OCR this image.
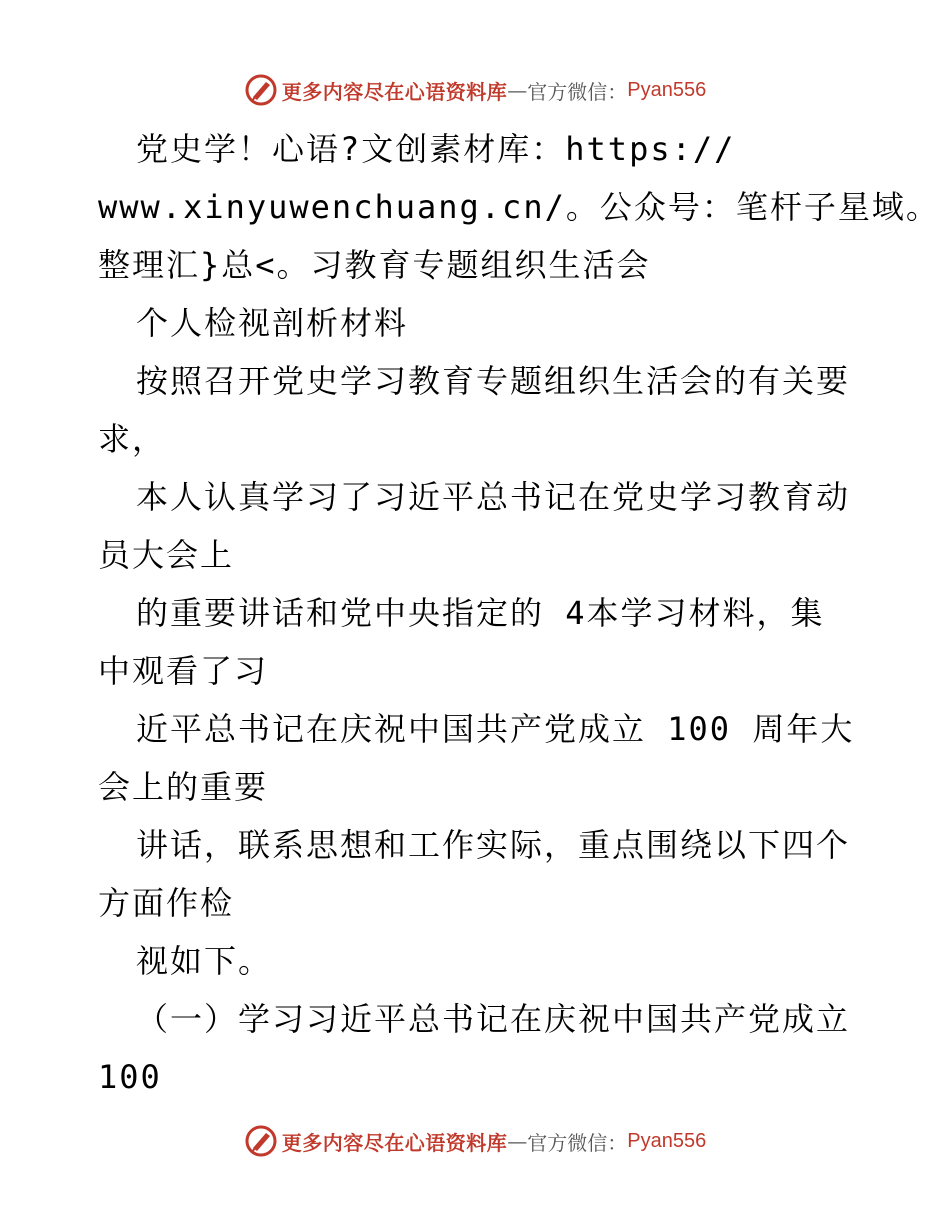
更多内容尽在心语资料库 — 官方微信： Pyan556
党史学！心语?文创素材库：https://
www.xinyuwenchuang.cn/。公众号：笔杆子星域。
整理汇}总<。习教育专题组织生活会
个人检视剖析材料
按照召开党史学习教育专题组织生活会的有关要
求，
本人认真学习了习近平总书记在党史学习教育动
员大会上
的重要讲话和党中央指定的 4本学习材料，集
中观看了习
近平总书记在庆祝中国共产党成立 100 周年大
会上的重要
讲话，联系思想和工作实际，重点围绕以下四个
方面作检
视如下。
（一）学习习近平总书记在庆祝中国共产党成立
100
更多内容尽在心语资料库 — 官方微信： Pyan556
